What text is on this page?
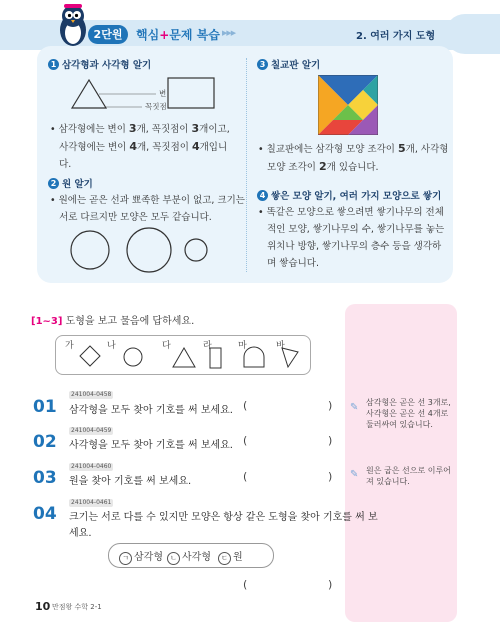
2단원	핵심+문제 복습 ▶▶▶	2. 여러 가지 도형
1 삼각형과 사각형 알기
변
꼭짓점
• 삼각형에는 변이 3개, 꼭짓점이 3개이고,
사각형에는 변이 4개, 꼭짓점이 4개입니
다.
2 원 알기
• 원에는 곧은 선과 뾰족한 부분이 없고, 크기는
서로 다르지만 모양은 모두 같습니다.
3 칠교판 알기
• 칠교판에는 삼각형 모양 조각이 5개, 사각형
모양 조각이 2개 있습니다.
4 쌓은 모양 알기, 여러 가지 모양으로 쌓기
• 똑같은 모양으로 쌓으려면 쌓기나무의 전체
적인 모양, 쌓기나무의 수, 쌓기나무를 놓는
위치나 방향, 쌓기나무의 층수 등을 생각하
며 쌓습니다.
[1~3] 도형을 보고 물음에 답하세요.
가	나	다	라	마	바
241004-0458
01 삼각형을 모두 찾아 기호를 써 보세요. (	)
241004-0459
02 사각형을 모두 찾아 기호를 써 보세요. (	)
241004-0460
03 원을 찾아 기호를 써 보세요.	(	)
241004-0461
04 크기는 서로 다를 수 있지만 모양은 항상 같은 도형을 찾아 기호를 써 보
세요.
ㄱ 삼각형	ㄴ 사각형	ㄷ 원
(	)
✎ 삼각형은 곧은 선 3개로, 사각형은 곧은 선 4개로 둘러싸여 있습니다.
✎ 원은 굽은 선으로 이루어져 있습니다.
10 만점왕 수학 2-1
